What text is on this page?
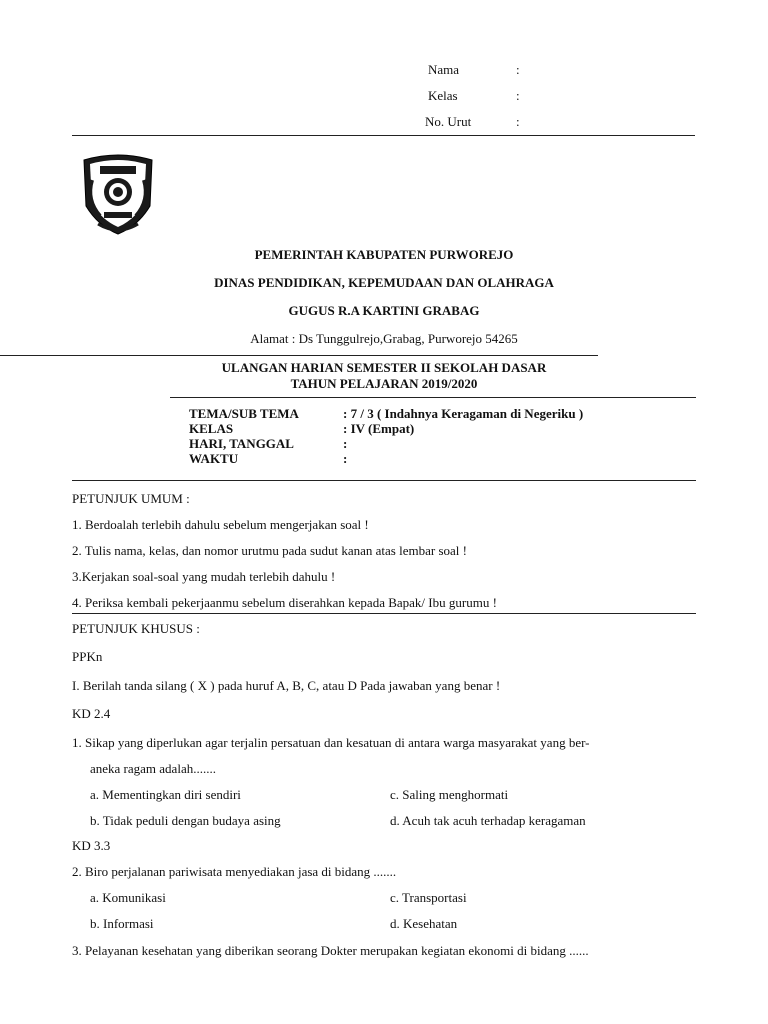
Nama	:
Kelas	:
No. Urut	:
PEMERINTAH KABUPATEN PURWOREJO
DINAS PENDIDIKAN, KEPEMUDAAN DAN OLAHRAGA
GUGUS R.A KARTINI GRABAG
Alamat : Ds Tunggulrejo,Grabag, Purworejo 54265
ULANGAN HARIAN SEMESTER II SEKOLAH DASAR
TAHUN PELAJARAN 2019/2020
TEMA/SUB TEMA	: 7 / 3 ( Indahnya Keragaman di Negeriku )
KELAS	: IV (Empat)
HARI, TANGGAL	:
WAKTU	:
PETUNJUK UMUM :
1. Berdoalah terlebih dahulu sebelum mengerjakan soal !
2. Tulis nama, kelas, dan nomor urutmu pada sudut kanan atas lembar soal !
3.Kerjakan soal-soal yang mudah terlebih dahulu !
4. Periksa kembali pekerjaanmu sebelum diserahkan kepada Bapak/ Ibu gurumu !
PETUNJUK KHUSUS :
PPKn
I. Berilah tanda silang ( X ) pada huruf A, B, C, atau D Pada jawaban yang benar !
KD 2.4
1. Sikap yang diperlukan agar terjalin persatuan dan kesatuan di antara warga masyarakat yang ber-
aneka ragam adalah.......
a. Mementingkan diri sendiri	c. Saling menghormati
b. Tidak peduli dengan budaya asing	d. Acuh tak acuh terhadap keragaman
KD 3.3
2. Biro perjalanan pariwisata menyediakan jasa di bidang .......
a. Komunikasi	c. Transportasi
b. Informasi	d. Kesehatan
3. Pelayanan kesehatan yang diberikan seorang Dokter merupakan kegiatan ekonomi di bidang ......
